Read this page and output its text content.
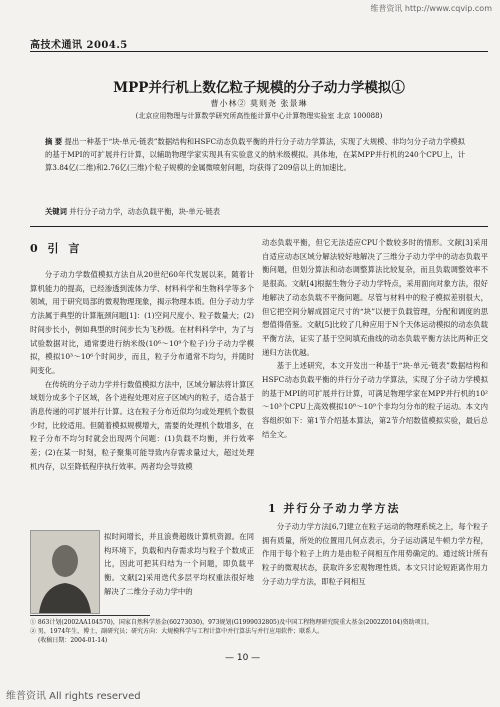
维普资讯 http://www.cqvip.com
高技术通讯 2004.5
MPP并行机上数亿粒子规模的分子动力学模拟①
曹小林② 莫则尧 张景琳
(北京应用物理与计算数学研究所高性能计算中心计算物理实验室 北京 100088)
摘 要 提出一种基于“块-单元-链表”数据结构和HSFC动态负载平衡的并行分子动力学算法，实现了大规模、非均匀分子动力学模拟的基于MPI的可扩展并行计算，以辅助物理学家实现具有实验意义的纳米级模拟。具体地，在某MPP并行机的240个CPU上，计算3.84亿(二维)和2.76亿(三维)个粒子规模的金属微喷射问题，均获得了209倍以上的加速比。
关键词 并行分子动力学，动态负载平衡，块-单元-链表
0 引 言

分子动力学数值模拟方法自从20世纪60年代发展以来，随着计算机能力的提高，已经渗透到流体力学、材料科学和生物科学等多个领域，用于研究局部的微观物理现象，揭示物理本质。但分子动力学方法属于典型的计算瓶颈问题[1]：(1)空间尺度小、粒子数量大；(2)时间步长小，例如典型的时间步长为飞秒级。在材料科学中，为了与试验数据对比，通常要进行纳米级(10⁶～10⁹个粒子)分子动力学模拟，模拟10³～10⁶个时间步，而且，粒子分布通常不均匀，并随时间变化。

在传统的分子动力学并行数值模拟方法中，区域分解法将计算区域划分成多个子区域，各个进程处理对应子区域内的粒子，适合基于消息传递的可扩展并行计算。这在粒子分布近似均匀或处理机个数很少时，比较适用。但随着模拟规模增大，需要的处理机个数增多，在粒子分布不均匀时就会出现两个问题：(1)负载不均衡，并行效率差；(2)在某一时刻，粒子聚集可能导致内存需求量过大，超过处理机内存，以至降低程序执行效率。两者均会导致模

拟时间增长，并且浪费超级计算机资源。在同构环境下，负载和内存需求均与粒子个数成正比，因此可把其归结为一个问题，即负载平衡。文献[2]采用迭代多层平均权重法很好地解决了二维分子动力学中的

动态负载平衡，但它无法适应CPU个数较多时的情形。文献[3]采用自适应动态区域分解法较好地解决了三维分子动力学中的动态负载平衡问题，但划分算法和动态调整算法比较复杂，而且负载调整效率不是很高。文献[4]根据生物分子动力学特点，采用面向对象方法，很好地解决了动态负载不平衡问题。尽管与材料中的粒子模拟差别很大，但它把空间分解成固定尺寸的“块”以便于负载管理，分配和调度的思想值得借鉴。文献[5]比较了几种应用于N个天体运动模拟的动态负载平衡方法，证实了基于空间填充曲线的动态负载平衡方法比两种正交递归方法优越。

基于上述研究，本文开发出一种基于“块-单元-链表”数据结构和HSFC动态负载平衡的并行分子动力学算法，实现了分子动力学模拟的基于MPI的可扩展并行计算，可满足物理学家在MPP并行机的10²～10³个CPU上高效模拟10⁸～10⁹个非均匀分布的粒子运动。本文内容组织如下：第1节介绍基本算法，第2节介绍数值模拟实验，最后总结全文。

1 并行分子动力学方法

分子动力学方法[6,7]建立在粒子运动的物理系统之上，每个粒子拥有质量，所处的位置用几何点表示，分子运动满足牛顿力学方程，作用于每个粒子上的力是由粒子间相互作用势确定的。通过统计所有粒子的微观状态，获取许多宏观物理性质。本文只讨论短距离作用力分子动力学方法，即粒子间相互

① 863计划(2002AA104570)，国家自然科学基金(60273030)，973规划(G1999032805)及中国工程物理研究院重大基金(2002Z0104)资助项目。
② 男，1974年生，博士，副研究员；研究方向：大规模科学与工程计算中并行算法与并行应用软件；联系人。
(收稿日期：2004-01-14)
— 10 —
维普资讯 All rights reserved
